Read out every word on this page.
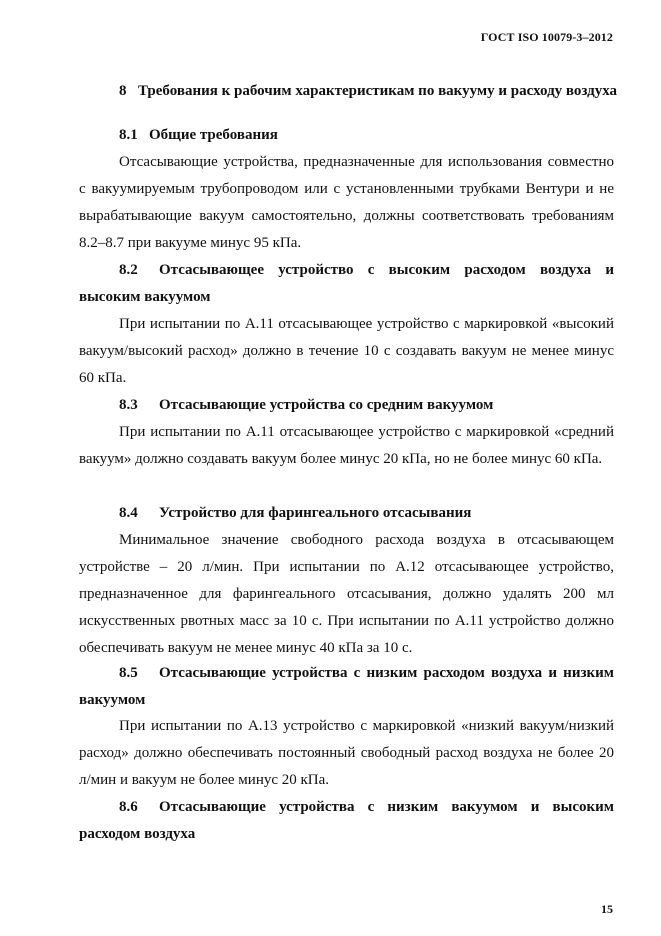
ГОСТ ISO 10079-3–2012
8 Требования к рабочим характеристикам по вакууму и расходу воздуха
8.1 Общие требования
Отсасывающие устройства, предназначенные для использования совместно с вакуумируемым трубопроводом или с установленными трубками Вентури и не вырабатывающие вакуум самостоятельно, должны соответствовать требованиям 8.2–8.7 при вакууме минус 95 кПа.
8.2 Отсасывающее устройство с высоким расходом воздуха и высоким вакуумом
При испытании по А.11 отсасывающее устройство с маркировкой «высокий вакуум/высокий расход» должно в течение 10 с создавать вакуум не менее минус 60 кПа.
8.3 Отсасывающие устройства со средним вакуумом
При испытании по А.11 отсасывающее устройство с маркировкой «средний вакуум» должно создавать вакуум более минус 20 кПа, но не более минус 60 кПа.
8.4 Устройство для фарингеального отсасывания
Минимальное значение свободного расхода воздуха в отсасывающем устройстве – 20 л/мин. При испытании по А.12 отсасывающее устройство, предназначенное для фарингеального отсасывания, должно удалять 200 мл искусственных рвотных масс за 10 с. При испытании по А.11 устройство должно обеспечивать вакуум не менее минус 40 кПа за 10 с.
8.5 Отсасывающие устройства с низким расходом воздуха и низким вакуумом
При испытании по А.13 устройство с маркировкой «низкий вакуум/низкий расход» должно обеспечивать постоянный свободный расход воздуха не более 20 л/мин и вакуум не более минус 20 кПа.
8.6 Отсасывающие устройства с низким вакуумом и высоким расходом воздуха
15
